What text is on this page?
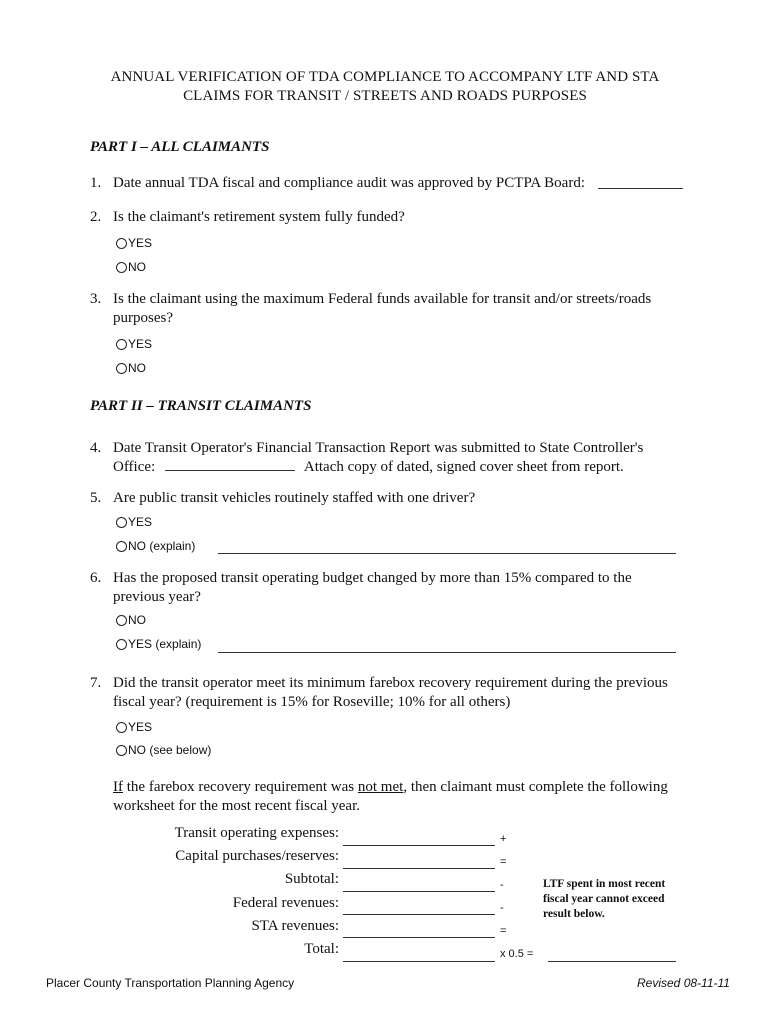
ANNUAL VERIFICATION OF TDA COMPLIANCE TO ACCOMPANY LTF AND STA
CLAIMS FOR TRANSIT / STREETS AND ROADS PURPOSES
PART I – ALL CLAIMANTS
1. Date annual TDA fiscal and compliance audit was approved by PCTPA Board:
2. Is the claimant's retirement system fully funded?
YES
NO
3. Is the claimant using the maximum Federal funds available for transit and/or streets/roads purposes?
YES
NO
PART II – TRANSIT CLAIMANTS
4. Date Transit Operator's Financial Transaction Report was submitted to State Controller's
Office:	Attach copy of dated, signed cover sheet from report.
5. Are public transit vehicles routinely staffed with one driver?
YES
NO (explain)
6. Has the proposed transit operating budget changed by more than 15% compared to the previous year?
NO
YES (explain)
7. Did the transit operator meet its minimum farebox recovery requirement during the previous fiscal year? (requirement is 15% for Roseville; 10% for all others)
YES
NO (see below)
If the farebox recovery requirement was not met, then claimant must complete the following
worksheet for the most recent fiscal year.
Transit operating expenses:	+
Capital purchases/reserves:	=
Subtotal:	-
Federal revenues:	-
STA revenues:	=
Total:	x 0.5 =
LTF spent in most recent fiscal year cannot exceed result below.
Placer County Transportation Planning Agency	Revised 08-11-11
